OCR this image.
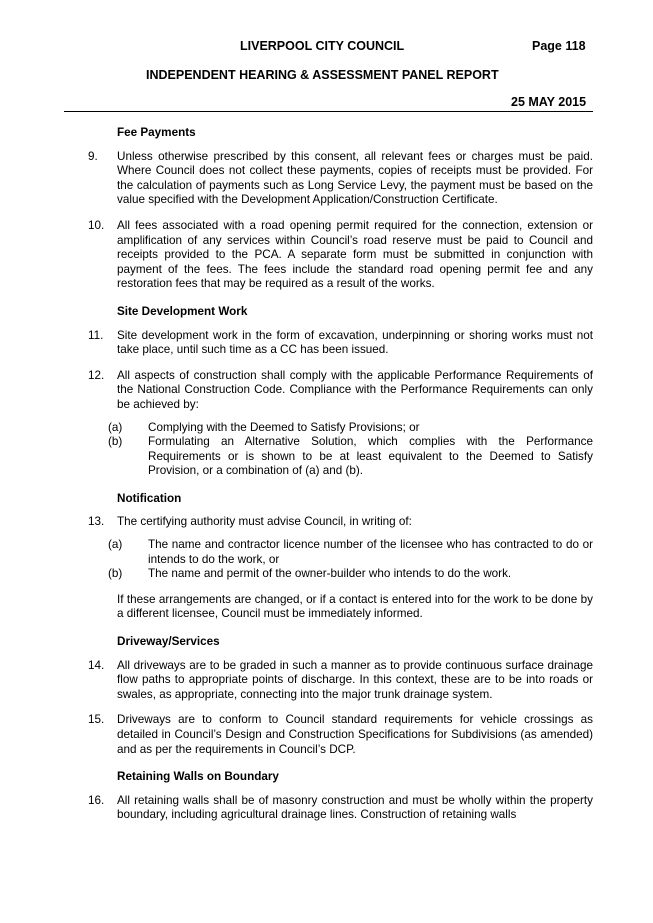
LIVERPOOL CITY COUNCIL	Page 118
INDEPENDENT HEARING & ASSESSMENT PANEL REPORT
25 MAY 2015
Fee Payments
9. Unless otherwise prescribed by this consent, all relevant fees or charges must be paid. Where Council does not collect these payments, copies of receipts must be provided. For the calculation of payments such as Long Service Levy, the payment must be based on the value specified with the Development Application/Construction Certificate.
10. All fees associated with a road opening permit required for the connection, extension or amplification of any services within Council’s road reserve must be paid to Council and receipts provided to the PCA. A separate form must be submitted in conjunction with payment of the fees. The fees include the standard road opening permit fee and any restoration fees that may be required as a result of the works.
Site Development Work
11. Site development work in the form of excavation, underpinning or shoring works must not take place, until such time as a CC has been issued.
12. All aspects of construction shall comply with the applicable Performance Requirements of the National Construction Code. Compliance with the Performance Requirements can only be achieved by:
(a) Complying with the Deemed to Satisfy Provisions; or
(b) Formulating an Alternative Solution, which complies with the Performance Requirements or is shown to be at least equivalent to the Deemed to Satisfy Provision, or a combination of (a) and (b).
Notification
13. The certifying authority must advise Council, in writing of:
(a) The name and contractor licence number of the licensee who has contracted to do or intends to do the work, or
(b) The name and permit of the owner-builder who intends to do the work.
If these arrangements are changed, or if a contact is entered into for the work to be done by a different licensee, Council must be immediately informed.
Driveway/Services
14. All driveways are to be graded in such a manner as to provide continuous surface drainage flow paths to appropriate points of discharge. In this context, these are to be into roads or swales, as appropriate, connecting into the major trunk drainage system.
15. Driveways are to conform to Council standard requirements for vehicle crossings as detailed in Council’s Design and Construction Specifications for Subdivisions (as amended) and as per the requirements in Council’s DCP.
Retaining Walls on Boundary
16. All retaining walls shall be of masonry construction and must be wholly within the property boundary, including agricultural drainage lines. Construction of retaining walls
